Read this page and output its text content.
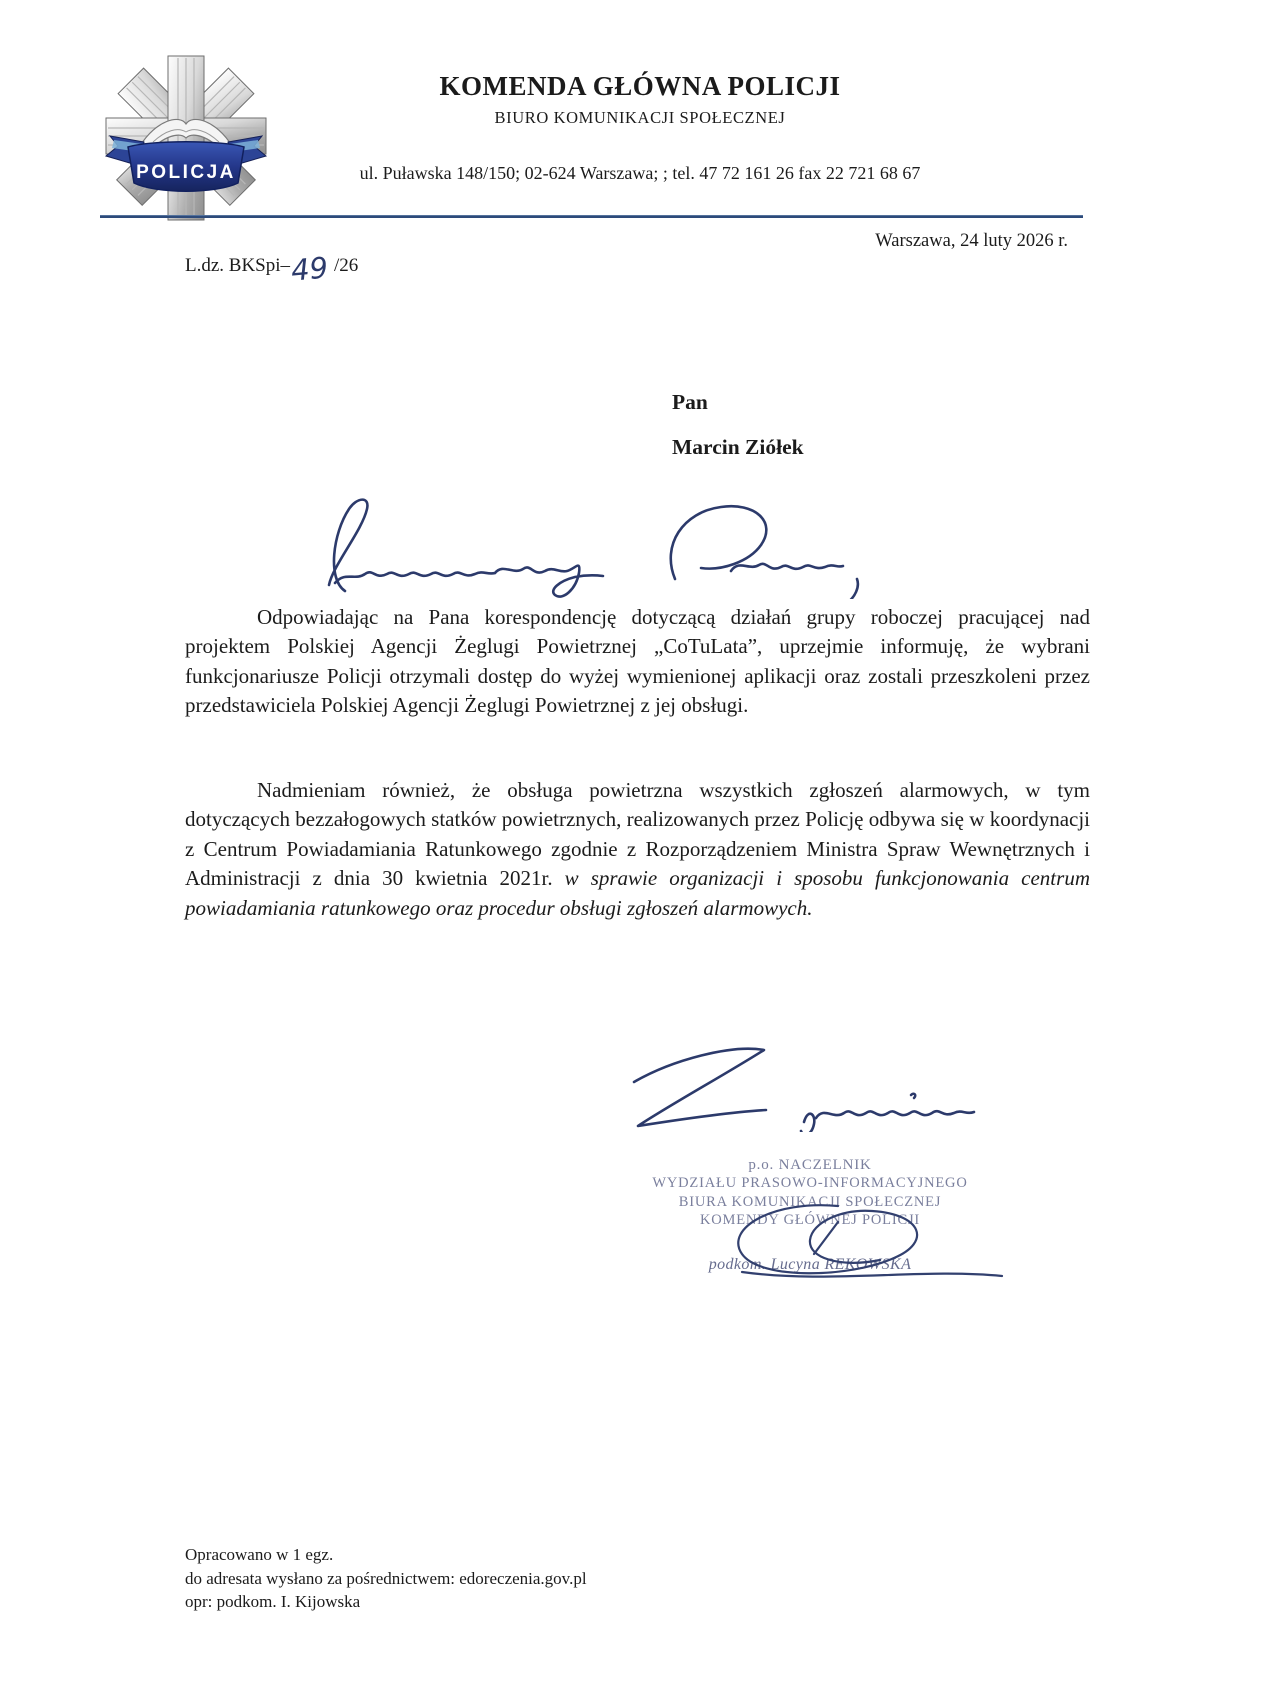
POLICJA
KOMENDA GŁÓWNA POLICJI
BIURO KOMUNIKACJI SPOŁECZNEJ
ul. Puławska 148/150; 02-624 Warszawa; ; tel. 47 72 161 26 fax 22 721 68 67
Warszawa, 24 luty 2026 r.
L.dz. BKSpi–49 /26
Pan
Marcin Ziółek

Odpowiadając na Pana korespondencję dotyczącą działań grupy roboczej pracującej nad projektem Polskiej Agencji Żeglugi Powietrznej „CoTuLata”, uprzejmie informuję, że wybrani funkcjonariusze Policji otrzymali dostęp do wyżej wymienionej aplikacji oraz zostali przeszkoleni przez przedstawiciela Polskiej Agencji Żeglugi Powietrznej z jej obsługi.

Nadmieniam również, że obsługa powietrzna wszystkich zgłoszeń alarmowych, w tym dotyczących bezzałogowych statków powietrznych, realizowanych przez Policję odbywa się w koordynacji z Centrum Powiadamiania Ratunkowego zgodnie z Rozporządzeniem Ministra Spraw Wewnętrznych i Administracji z dnia 30 kwietnia 2021r. w sprawie organizacji i sposobu funkcjonowania centrum powiadamiania ratunkowego oraz procedur obsługi zgłoszeń alarmowych.

p.o. NACZELNIK
WYDZIAŁU PRASOWO-INFORMACYJNEGO
BIURA KOMUNIKACJI SPOŁECZNEJ
KOMENDY GŁÓWNEJ POLICJI
podkom. Lucyna REKOWSKA
Opracowano w 1 egz.
do adresata wysłano za pośrednictwem: edoreczenia.gov.pl
opr: podkom. I. Kijowska
